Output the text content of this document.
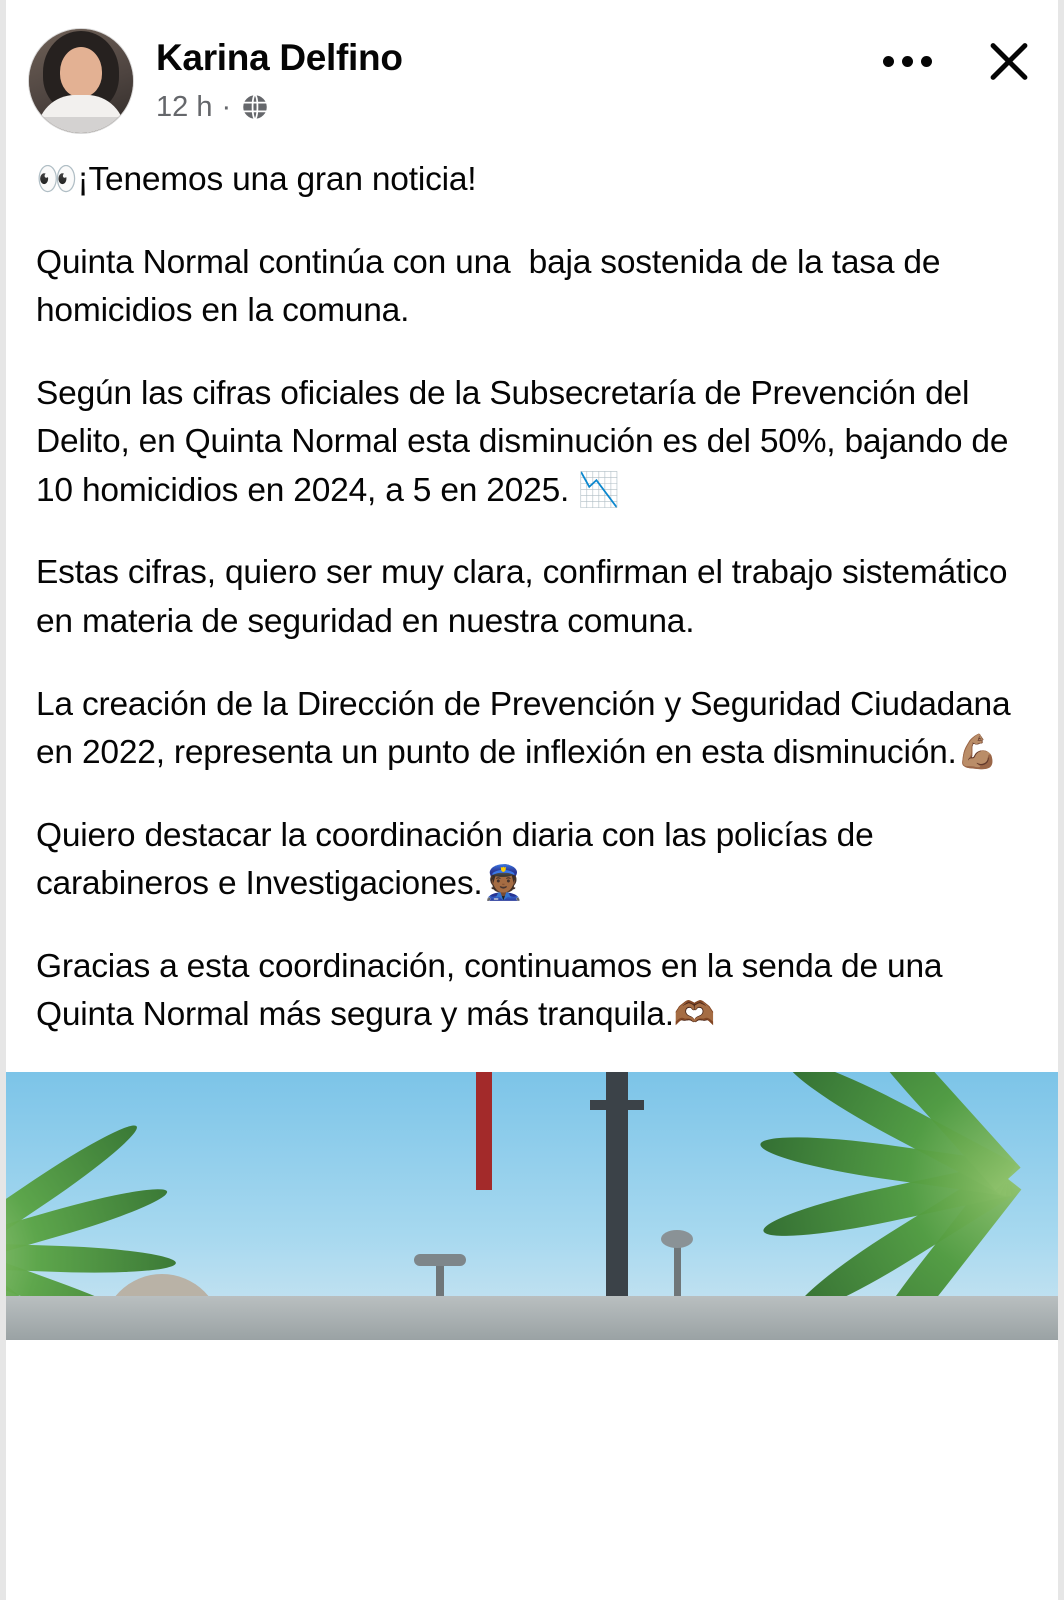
Karina Delfino
12 h ·

👀¡Tenemos una gran noticia!

Quinta Normal continúa con una  baja sostenida de la tasa de homicidios en la comuna.

Según las cifras oficiales de la Subsecretaría de Prevención del Delito, en Quinta Normal esta disminución es del 50%, bajando de 10 homicidios en 2024, a 5 en 2025. 📉

Estas cifras, quiero ser muy clara, confirman el trabajo sistemático en materia de seguridad en nuestra comuna.

La creación de la Dirección de Prevención y Seguridad Ciudadana en 2022, representa un punto de inflexión en esta disminución.💪🏽

Quiero destacar la coordinación diaria con las policías de carabineros e Investigaciones.👮🏾

Gracias a esta coordinación, continuamos en la senda de una Quinta Normal más segura y más tranquila.🫶🏾
